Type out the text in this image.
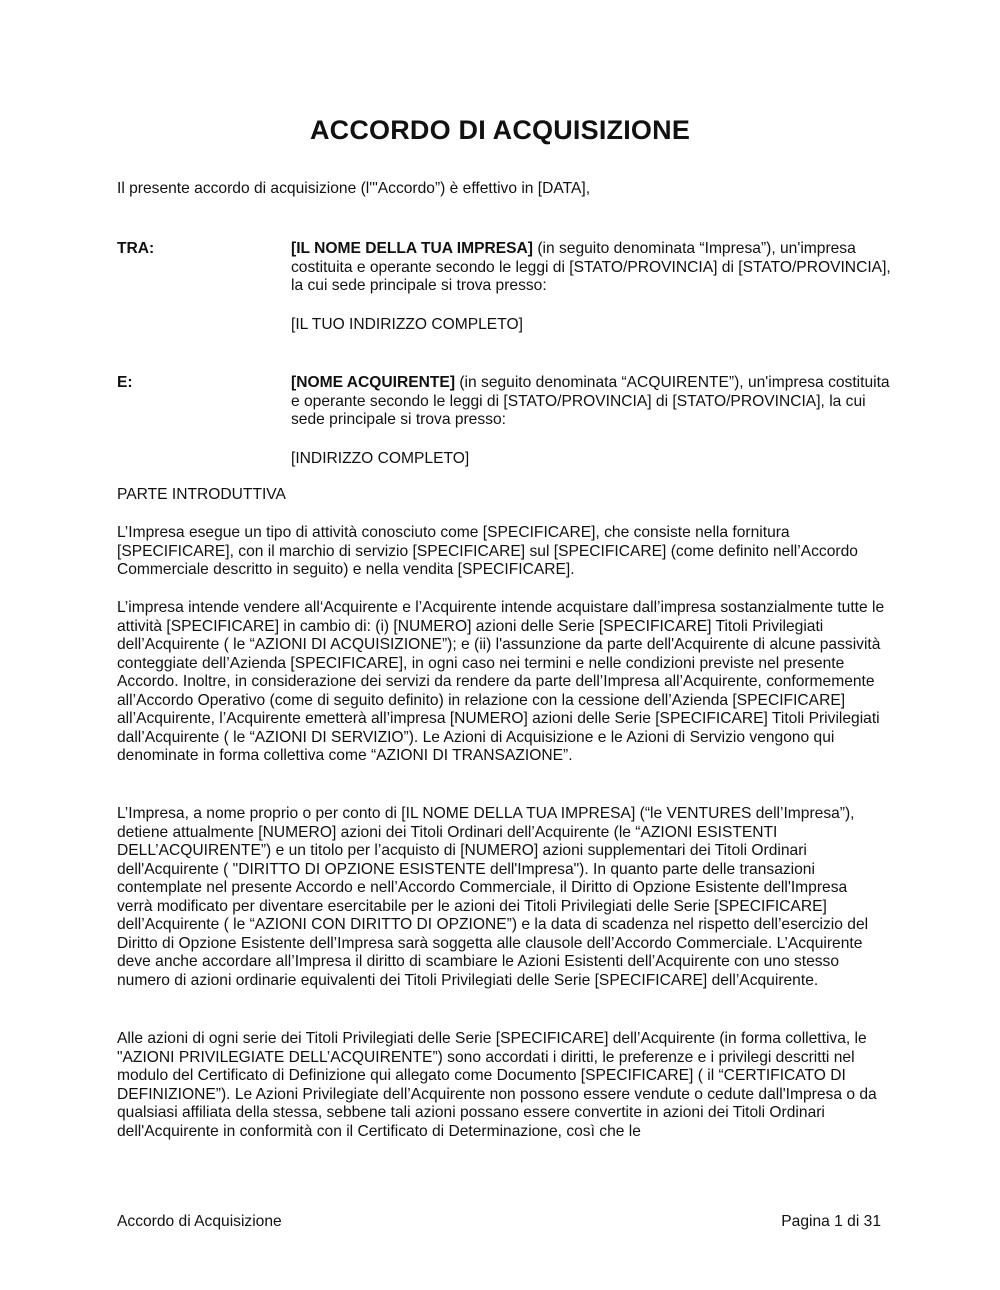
ACCORDO DI ACQUISIZIONE
Il presente accordo di acquisizione (l'"Accordo”) è effettivo in [DATA],
TRA:	[IL NOME DELLA TUA IMPRESA] (in seguito denominata “Impresa”), un'impresa costituita e operante secondo le leggi di [STATO/PROVINCIA] di [STATO/PROVINCIA], la cui sede principale si trova presso:
[IL TUO INDIRIZZO COMPLETO]
E:	[NOME ACQUIRENTE] (in seguito denominata “ACQUIRENTE”), un'impresa costituita e operante secondo le leggi di [STATO/PROVINCIA] di [STATO/PROVINCIA], la cui sede principale si trova presso:
[INDIRIZZO COMPLETO]
PARTE INTRODUTTIVA

L’Impresa esegue un tipo di attività conosciuto come [SPECIFICARE], che consiste nella fornitura [SPECIFICARE], con il marchio di servizio [SPECIFICARE] sul [SPECIFICARE] (come definito nell’Accordo Commerciale descritto in seguito) e nella vendita [SPECIFICARE].

L’impresa intende vendere all‘Acquirente e l’Acquirente intende acquistare dall’impresa sostanzialmente tutte le attività [SPECIFICARE] in cambio di: (i) [NUMERO] azioni delle Serie [SPECIFICARE] Titoli Privilegiati dell’Acquirente ( le “AZIONI DI ACQUISIZIONE”); e (ii) l'assunzione da parte dell'Acquirente di alcune passività conteggiate dell’Azienda [SPECIFICARE], in ogni caso nei termini e nelle condizioni previste nel presente Accordo. Inoltre, in considerazione dei servizi da rendere da parte dell’Impresa all’Acquirente, conformemente all’Accordo Operativo (come di seguito definito) in relazione con la cessione dell’Azienda [SPECIFICARE] all’Acquirente, l’Acquirente emetterà all’impresa [NUMERO] azioni delle Serie [SPECIFICARE] Titoli Privilegiati dall’Acquirente ( le “AZIONI DI SERVIZIO”). Le Azioni di Acquisizione e le Azioni di Servizio vengono qui denominate in forma collettiva come “AZIONI DI TRANSAZIONE”.

L’Impresa, a nome proprio o per conto di [IL NOME DELLA TUA IMPRESA] (“le VENTURES dell’Impresa”), detiene attualmente [NUMERO] azioni dei Titoli Ordinari dell’Acquirente (le “AZIONI ESISTENTI DELL’ACQUIRENTE”) e un titolo per l’acquisto di [NUMERO] azioni supplementari dei Titoli Ordinari dell'Acquirente ( "DIRITTO DI OPZIONE ESISTENTE dell'Impresa"). In quanto parte delle transazioni contemplate nel presente Accordo e nell’Accordo Commerciale, il Diritto di Opzione Esistente dell'Impresa verrà modificato per diventare esercitabile per le azioni dei Titoli Privilegiati delle Serie [SPECIFICARE] dell’Acquirente ( le “AZIONI CON DIRITTO DI OPZIONE”) e la data di scadenza nel rispetto dell’esercizio del Diritto di Opzione Esistente dell’Impresa sarà soggetta alle clausole dell’Accordo Commerciale. L’Acquirente deve anche accordare all’Impresa il diritto di scambiare le Azioni Esistenti dell’Acquirente con uno stesso numero di azioni ordinarie equivalenti dei Titoli Privilegiati delle Serie [SPECIFICARE] dell’Acquirente.

Alle azioni di ogni serie dei Titoli Privilegiati delle Serie [SPECIFICARE] dell’Acquirente (in forma collettiva, le "AZIONI PRIVILEGIATE DELL’ACQUIRENTE”) sono accordati i diritti, le preferenze e i privilegi descritti nel modulo del Certificato di Definizione qui allegato come Documento [SPECIFICARE] ( il “CERTIFICATO DI DEFINIZIONE”). Le Azioni Privilegiate dell’Acquirente non possono essere vendute o cedute dall'Impresa o da qualsiasi affiliata della stessa, sebbene tali azioni possano essere convertite in azioni dei Titoli Ordinari dell'Acquirente in conformità con il Certificato di Determinazione, così che le

Accordo di Acquisizione	Pagina 1 di 31
